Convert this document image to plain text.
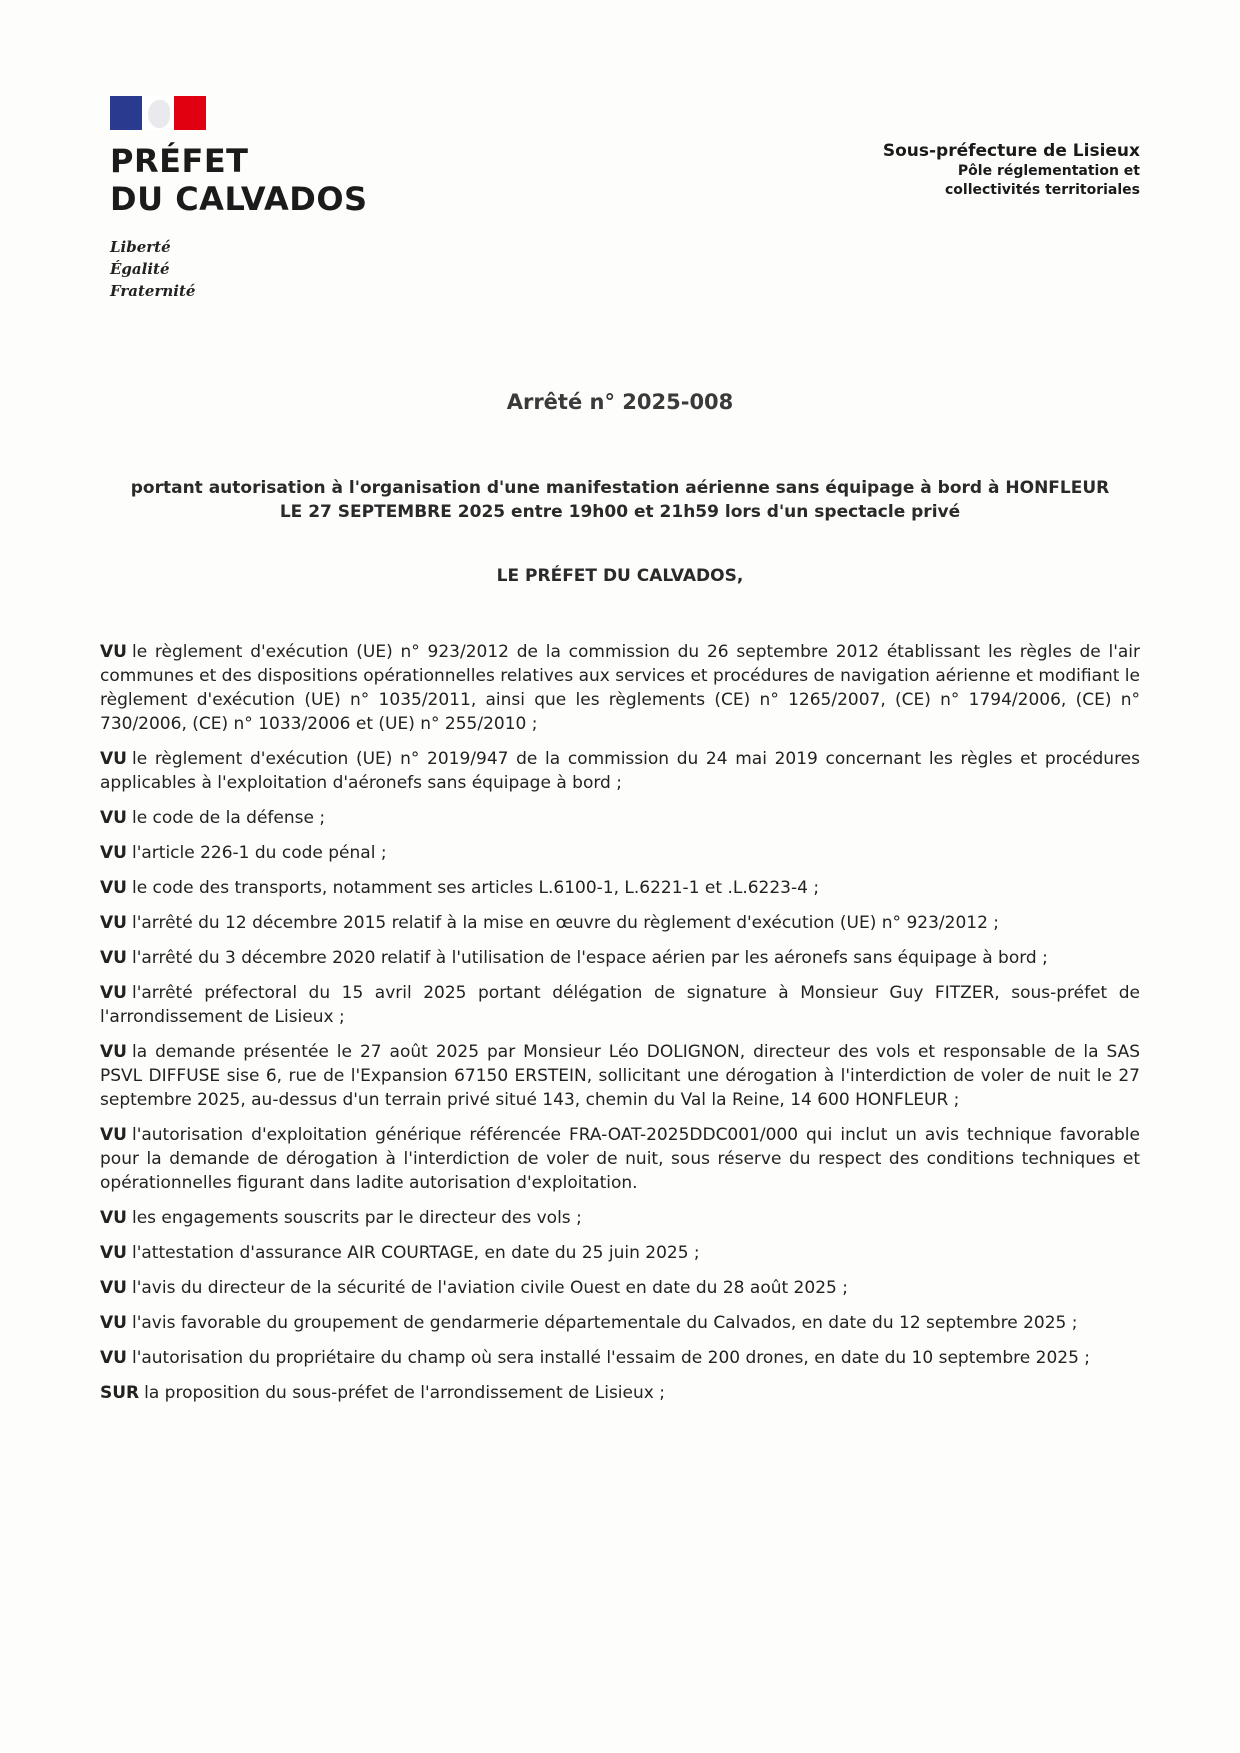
PRÉFET
DU CALVADOS
Liberté
Égalité
Fraternité
Sous-préfecture de Lisieux
Pôle réglementation et
collectivités territoriales
Arrêté n° 2025-008
portant autorisation à l'organisation d'une manifestation aérienne sans équipage à bord à HONFLEUR
LE 27 SEPTEMBRE 2025 entre 19h00 et 21h59 lors d'un spectacle privé
LE PRÉFET DU CALVADOS,
VU le règlement d'exécution (UE) n° 923/2012 de la commission du 26 septembre 2012 établissant les règles de l'air communes et des dispositions opérationnelles relatives aux services et procédures de navigation aérienne et modifiant le règlement d'exécution (UE) n° 1035/2011, ainsi que les règlements (CE) n° 1265/2007, (CE) n° 1794/2006, (CE) n° 730/2006, (CE) n° 1033/2006 et (UE) n° 255/2010 ;
VU le règlement d'exécution (UE) n° 2019/947 de la commission du 24 mai 2019 concernant les règles et procédures applicables à l'exploitation d'aéronefs sans équipage à bord ;
VU le code de la défense ;
VU l'article 226-1 du code pénal ;
VU le code des transports, notamment ses articles L.6100-1, L.6221-1 et .L.6223-4 ;
VU l'arrêté du 12 décembre 2015 relatif à la mise en œuvre du règlement d'exécution (UE) n° 923/2012 ;
VU l'arrêté du 3 décembre 2020 relatif à l'utilisation de l'espace aérien par les aéronefs sans équipage à bord ;
VU l'arrêté préfectoral du 15 avril 2025 portant délégation de signature à Monsieur Guy FITZER, sous-préfet de l'arrondissement de Lisieux ;
VU la demande présentée le 27 août 2025 par Monsieur Léo DOLIGNON, directeur des vols et responsable de la SAS PSVL DIFFUSE sise 6, rue de l'Expansion 67150 ERSTEIN, sollicitant une dérogation à l'interdiction de voler de nuit le 27 septembre 2025, au-dessus d'un terrain privé situé 143, chemin du Val la Reine, 14 600 HONFLEUR ;
VU l'autorisation d'exploitation générique référencée FRA-OAT-2025DDC001/000 qui inclut un avis technique favorable pour la demande de dérogation à l'interdiction de voler de nuit, sous réserve du respect des conditions techniques et opérationnelles figurant dans ladite autorisation d'exploitation.
VU les engagements souscrits par le directeur des vols ;
VU l'attestation d'assurance AIR COURTAGE, en date du 25 juin 2025 ;
VU l'avis du directeur de la sécurité de l'aviation civile Ouest en date du 28 août 2025 ;
VU l'avis favorable du groupement de gendarmerie départementale du Calvados, en date du 12 septembre 2025 ;
VU l'autorisation du propriétaire du champ où sera installé l'essaim de 200 drones, en date du 10 septembre 2025 ;
SUR la proposition du sous-préfet de l'arrondissement de Lisieux ;
